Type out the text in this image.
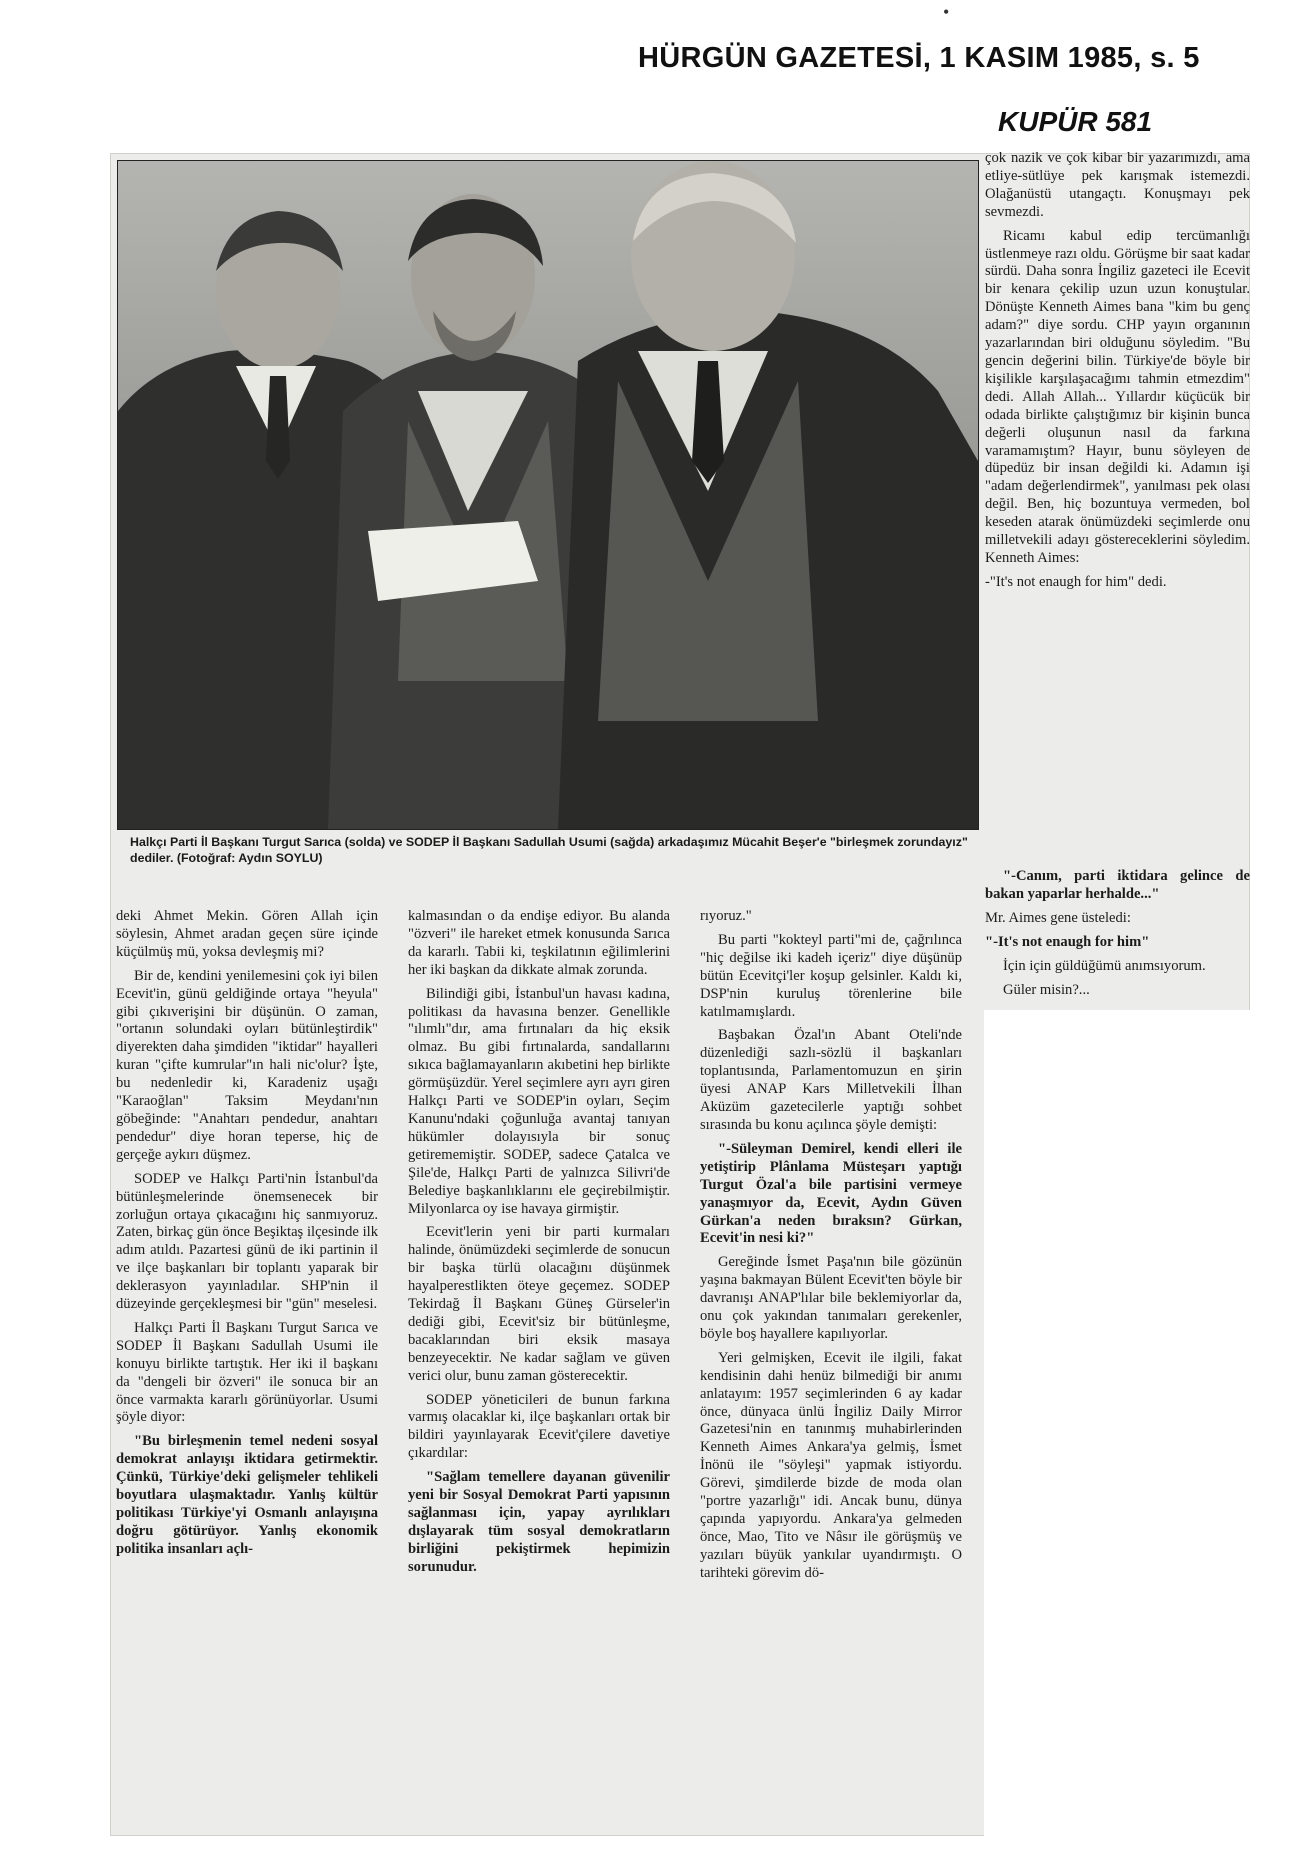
•
HÜRGÜN GAZETESİ, 1 KASIM 1985, s. 5
KUPÜR 581
Halkçı Parti İl Başkanı Turgut Sarıca (solda) ve SODEP İl Başkanı Sadullah Usumi (sağda) arkadaşımız Mücahit Beşer'e "birleşmek zorundayız" dediler. (Fotoğraf: Aydın SOYLU)

deki Ahmet Mekin. Gören Allah için söylesin, Ahmet aradan geçen süre içinde küçülmüş mü, yoksa devleşmiş mi?

Bir de, kendini yenilemesini çok iyi bilen Ecevit'in, günü geldiğinde ortaya "heyula" gibi çıkıverişini bir düşünün. O zaman, "ortanın solundaki oyları bütünleştirdik" diyerekten daha şimdiden "iktidar" hayalleri kuran "çifte kumrular"ın hali nic'olur? İşte, bu nedenledir ki, Karadeniz uşağı "Karaoğlan" Taksim Meydanı'nın göbeğinde: "Anahtarı pendedur, anahtarı pendedur" diye horan teperse, hiç de gerçeğe aykırı düşmez.

SODEP ve Halkçı Parti'nin İstanbul'da bütünleşmelerinde önemsenecek bir zorluğun ortaya çıkacağını hiç sanmıyoruz. Zaten, birkaç gün önce Beşiktaş ilçesinde ilk adım atıldı. Pazartesi günü de iki partinin il ve ilçe başkanları bir toplantı yaparak bir deklerasyon yayınladılar. SHP'nin il düzeyinde gerçekleşmesi bir "gün" meselesi.

Halkçı Parti İl Başkanı Turgut Sarıca ve SODEP İl Başkanı Sadullah Usumi ile konuyu birlikte tartıştık. Her iki il başkanı da "dengeli bir özveri" ile sonuca bir an önce varmakta kararlı görünüyorlar. Usumi şöyle diyor:

"Bu birleşmenin temel nedeni sosyal demokrat anlayışı iktidara getirmektir. Çünkü, Türkiye'deki gelişmeler tehlikeli boyutlara ulaşmaktadır. Yanlış kültür politikası Türkiye'yi Osmanlı anlayışına doğru götürüyor. Yanlış ekonomik politika insanları açlı-

kalmasından o da endişe ediyor. Bu alanda "özveri" ile hareket etmek konusunda Sarıca da kararlı. Tabii ki, teşkilatının eğilimlerini her iki başkan da dikkate almak zorunda.

Bilindiği gibi, İstanbul'un havası kadına, politikası da havasına benzer. Genellikle "ılımlı"dır, ama fırtınaları da hiç eksik olmaz. Bu gibi fırtınalarda, sandallarını sıkıca bağlamayanların akıbetini hep birlikte görmüşüzdür. Yerel seçimlere ayrı ayrı giren Halkçı Parti ve SODEP'in oyları, Seçim Kanunu'ndaki çoğunluğa avantaj tanıyan hükümler dolayısıyla bir sonuç getirememiştir. SODEP, sadece Çatalca ve Şile'de, Halkçı Parti de yalnızca Silivri'de Belediye başkanlıklarını ele geçirebilmiştir. Milyonlarca oy ise havaya girmiştir.

Ecevit'lerin yeni bir parti kurmaları halinde, önümüzdeki seçimlerde de sonucun bir başka türlü olacağını düşünmek hayalperestlikten öteye geçemez. SODEP Tekirdağ İl Başkanı Güneş Gürseler'in dediği gibi, Ecevit'siz bir bütünleşme, bacaklarından biri eksik masaya benzeyecektir. Ne kadar sağlam ve güven verici olur, bunu zaman gösterecektir.

SODEP yöneticileri de bunun farkına varmış olacaklar ki, ilçe başkanları ortak bir bildiri yayınlayarak Ecevit'çilere davetiye çıkardılar:

"Sağlam temellere dayanan güvenilir yeni bir Sosyal Demokrat Parti yapısının sağlanması için, yapay ayrılıkları dışlayarak tüm sosyal demokratların birliğini pekiştirmek hepimizin sorunudur.

rıyoruz."

Bu parti "kokteyl parti"mi de, çağrılınca "hiç değilse iki kadeh içeriz" diye düşünüp bütün Ecevitçi'ler koşup gelsinler. Kaldı ki, DSP'nin kuruluş törenlerine bile katılmamışlardı.

Başbakan Özal'ın Abant Oteli'nde düzenlediği sazlı-sözlü il başkanları toplantısında, Parlamentomuzun en şirin üyesi ANAP Kars Milletvekili İlhan Aküzüm gazetecilerle yaptığı sohbet sırasında bu konu açılınca şöyle demişti:

"-Süleyman Demirel, kendi elleri ile yetiştirip Plânlama Müsteşarı yaptığı Turgut Özal'a bile partisini vermeye yanaşmıyor da, Ecevit, Aydın Güven Gürkan'a neden bıraksın? Gürkan, Ecevit'in nesi ki?"

Gereğinde İsmet Paşa'nın bile gözünün yaşına bakmayan Bülent Ecevit'ten böyle bir davranışı ANAP'lılar bile beklemiyorlar da, onu çok yakından tanımaları gerekenler, böyle boş hayallere kapılıyorlar.

Yeri gelmişken, Ecevit ile ilgili, fakat kendisinin dahi henüz bilmediği bir anımı anlatayım: 1957 seçimlerinden 6 ay kadar önce, dünyaca ünlü İngiliz Daily Mirror Gazetesi'nin en tanınmış muhabirlerinden Kenneth Aimes Ankara'ya gelmiş, İsmet İnönü ile "söyleşi" yapmak istiyordu. Görevi, şimdilerde bizde de moda olan "portre yazarlığı" idi. Ancak bunu, dünya çapında yapıyordu. Ankara'ya gelmeden önce, Mao, Tito ve Nâsır ile görüşmüş ve yazıları büyük yankılar uyandırmıştı. O tarihteki görevim dö-

çok nazik ve çok kibar bir yazarımızdı, ama etliye-sütlüye pek karışmak istemezdi. Olağanüstü utangaçtı. Konuşmayı pek sevmezdi.

Ricamı kabul edip tercümanlığı üstlenmeye razı oldu. Görüşme bir saat kadar sürdü. Daha sonra İngiliz gazeteci ile Ecevit bir kenara çekilip uzun uzun konuştular. Dönüşte Kenneth Aimes bana "kim bu genç adam?" diye sordu. CHP yayın organının yazarlarından biri olduğunu söyledim. "Bu gencin değerini bilin. Türkiye'de böyle bir kişilikle karşılaşacağımı tahmin etmezdim" dedi. Allah Allah... Yıllardır küçücük bir odada birlikte çalıştığımız bir kişinin bunca değerli oluşunun nasıl da farkına varamamıştım? Hayır, bunu söyleyen de düpedüz bir insan değildi ki. Adamın işi "adam değerlendirmek", yanılması pek olası değil. Ben, hiç bozuntuya vermeden, bol keseden atarak önümüzdeki seçimlerde onu milletvekili adayı göstereceklerini söyledim. Kenneth Aimes:

-"It's not enaugh for him" dedi.

"-Canım, parti iktidara gelince de bakan yaparlar herhalde..."

Mr. Aimes gene üsteledi:

"-It's not enaugh for him"

İçin için güldüğümü anımsıyorum.

Güler misin?...
